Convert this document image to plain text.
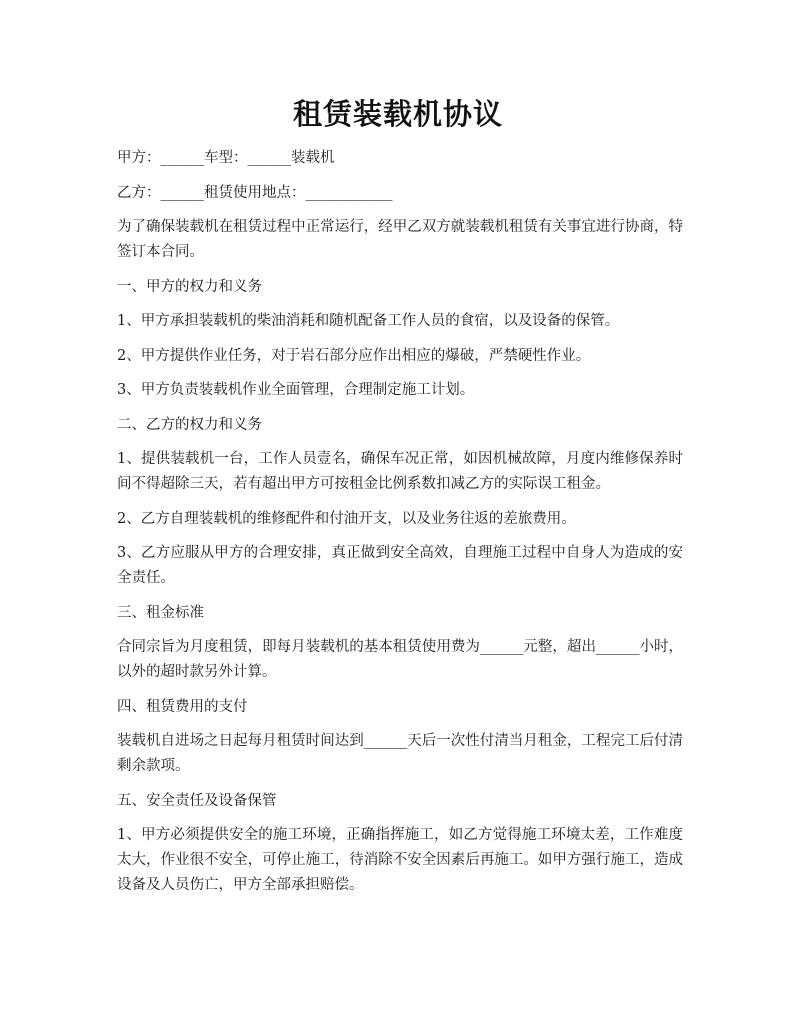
租赁装载机协议

甲方：______车型：______装载机

乙方：______租赁使用地点：____________

为了确保装载机在租赁过程中正常运行，经甲乙双方就装载机租赁有关事宜进行协商，特签订本合同。

一、甲方的权力和义务

1、甲方承担装载机的柴油消耗和随机配备工作人员的食宿，以及设备的保管。

2、甲方提供作业任务，对于岩石部分应作出相应的爆破，严禁硬性作业。

3、甲方负责装载机作业全面管理，合理制定施工计划。

二、乙方的权力和义务

1、提供装载机一台，工作人员壹名，确保车况正常，如因机械故障，月度内维修保养时间不得超除三天，若有超出甲方可按租金比例系数扣减乙方的实际误工租金。

2、乙方自理装载机的维修配件和付油开支，以及业务往返的差旅费用。

3、乙方应服从甲方的合理安排，真正做到安全高效，自理施工过程中自身人为造成的安全责任。

三、租金标准

合同宗旨为月度租赁，即每月装载机的基本租赁使用费为______元整，超出______小时，以外的超时款另外计算。

四、租赁费用的支付

装载机自进场之日起每月租赁时间达到______天后一次性付清当月租金，工程完工后付清剩余款项。

五、安全责任及设备保管

1、甲方必须提供安全的施工环境，正确指挥施工，如乙方觉得施工环境太差，工作难度太大，作业很不安全，可停止施工，待消除不安全因素后再施工。如甲方强行施工，造成设备及人员伤亡，甲方全部承担赔偿。
